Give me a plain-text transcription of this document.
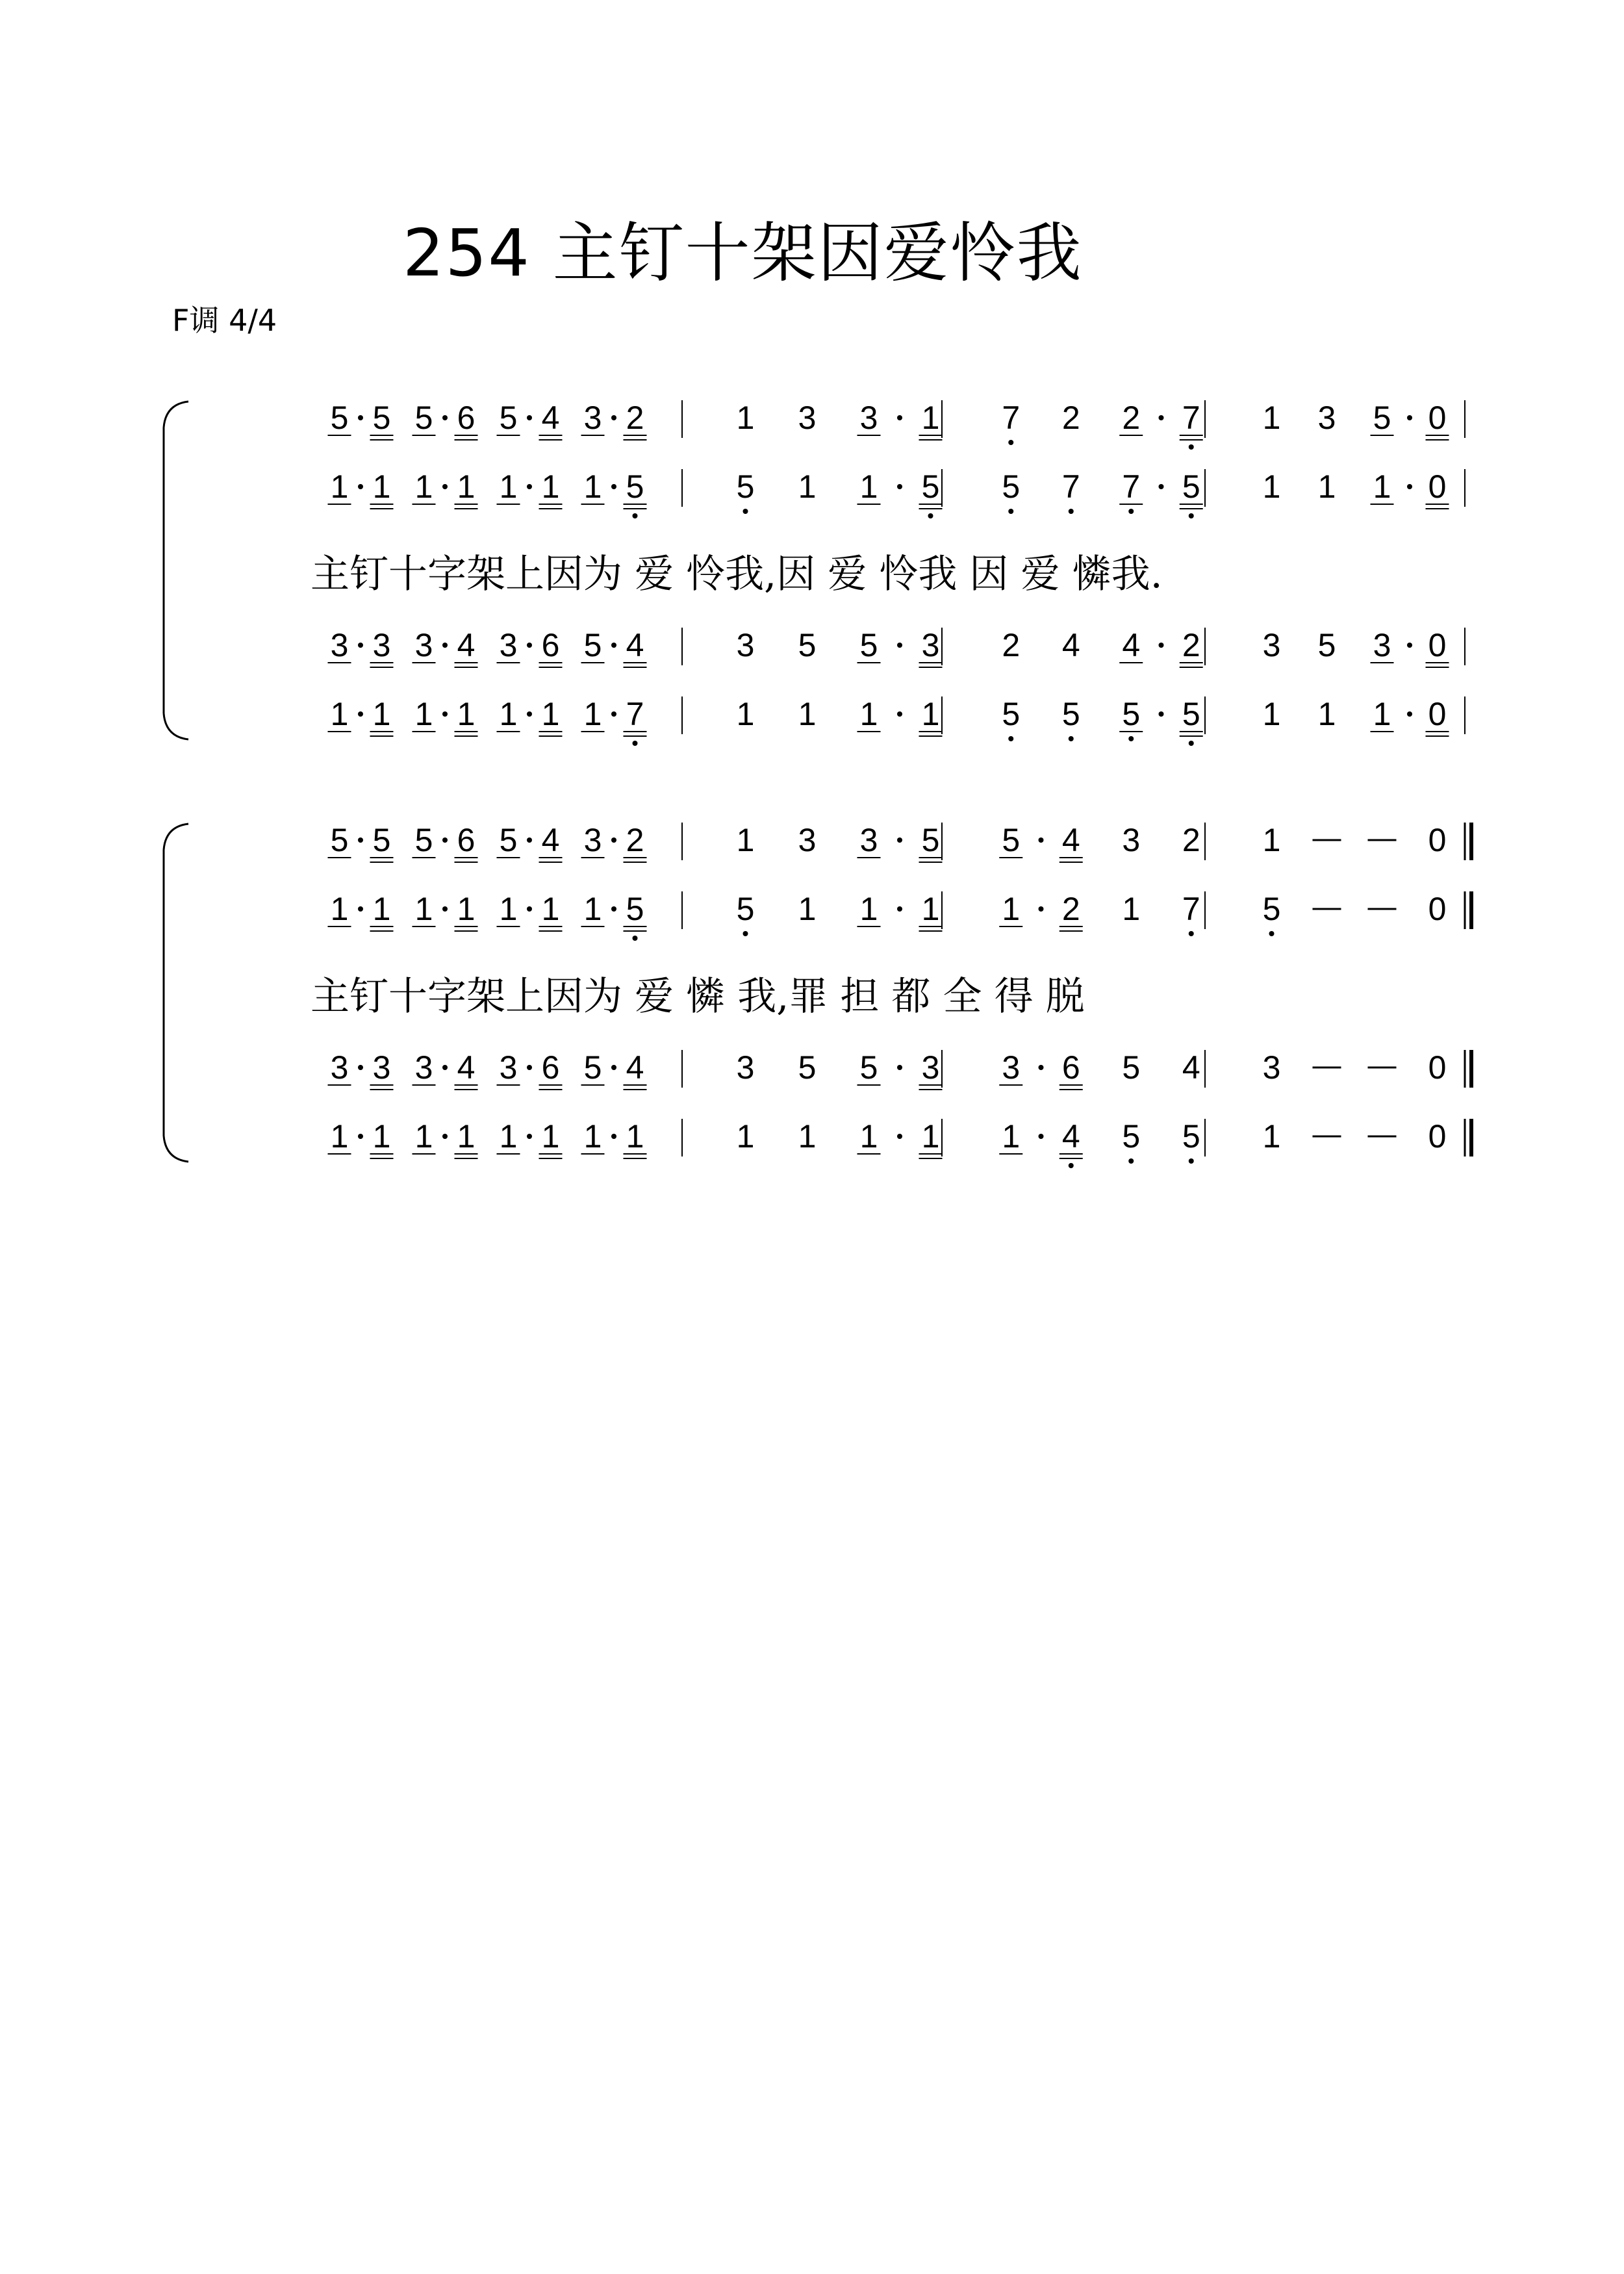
254 主钉十架因爱怜我
F调 4/4
5 5 5 6 5 4 3 2	1 3 3 1 7 2 2 7 1 3 5 0
1 1 1 1 1 1 1 5	5 1 1 5 5 7 7 5 1 1 1 0
主钉十字架上因为 爱 怜我,因 爱 怜我 因 爱 憐我.
3 3 3 4 3 6 5 4	3 5 5 3 2 4 4 2 3 5 3 0
1 1 1 1 1 1 1 7	1 1 1 1 5 5 5 5 1 1 1 0
5 5 5 6 5 4 3 2	1 3 3 5 5 4 3 2 1	0
1 1 1 1 1 1 1 5	5 1 1 1 1 2 1 7 5	0
主钉十字架上因为 爱 憐 我,罪 担 都 全 得 脱
3 3 3 4 3 6 5 4	3 5 5 3 3 6 5 4 3	0
1 1 1 1 1 1 1 1	1 1 1 1 1 4 5 5 1	0
